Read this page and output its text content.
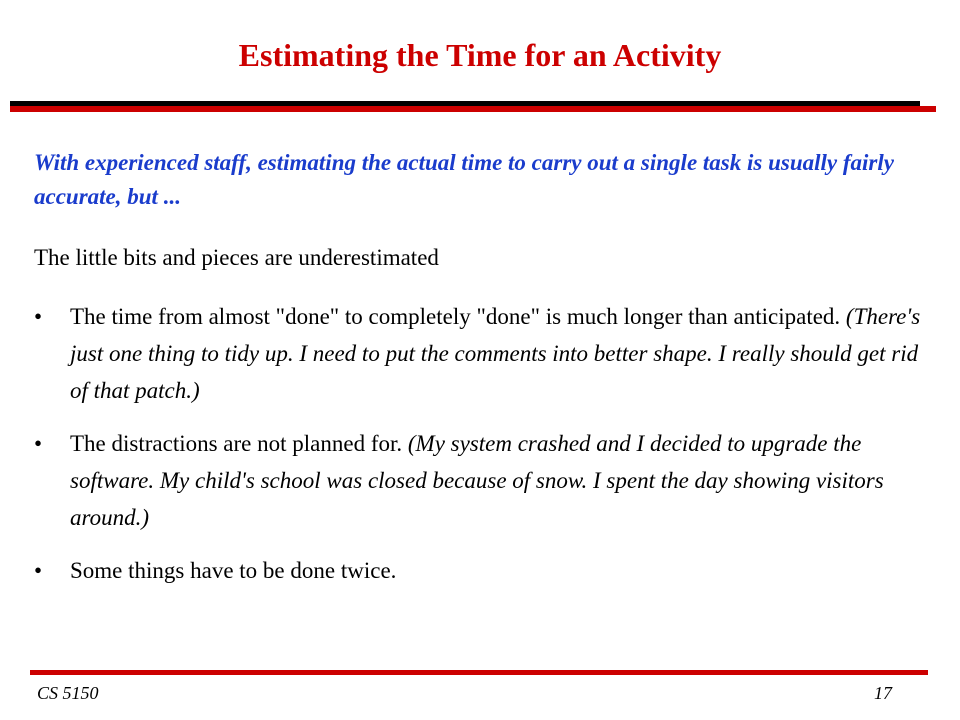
Estimating the Time for an Activity
With experienced staff, estimating the actual time to carry out a single task is usually fairly accurate, but ...
The little bits and pieces are underestimated
•	The time from almost "done" to completely "done" is much longer than anticipated. (There's just one thing to tidy up. I need to put the comments into better shape. I really should get rid of that patch.)
•	The distractions are not planned for. (My system crashed and I decided to upgrade the software. My child's school was closed because of snow. I spent the day showing visitors around.)
•	Some things have to be done twice.
CS 5150	17
